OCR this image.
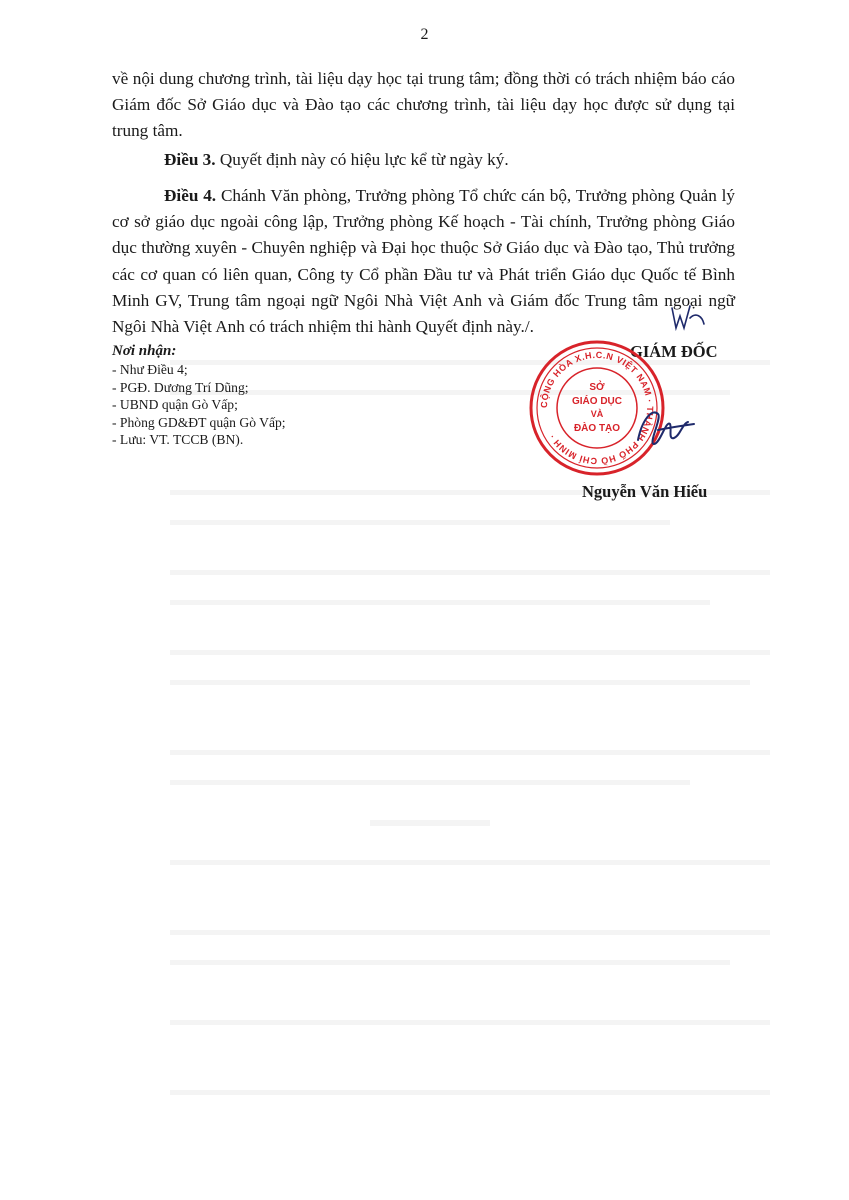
2

về nội dung chương trình, tài liệu dạy học tại trung tâm; đồng thời có trách nhiệm báo cáo Giám đốc Sở Giáo dục và Đào tạo các chương trình, tài liệu dạy học được sử dụng tại trung tâm.

Điều 3. Quyết định này có hiệu lực kể từ ngày ký.

Điều 4. Chánh Văn phòng, Trưởng phòng Tổ chức cán bộ, Trưởng phòng Quản lý cơ sở giáo dục ngoài công lập, Trưởng phòng Kế hoạch - Tài chính, Trưởng phòng Giáo dục thường xuyên - Chuyên nghiệp và Đại học thuộc Sở Giáo dục và Đào tạo, Thủ trưởng các cơ quan có liên quan, Công ty Cổ phần Đầu tư và Phát triển Giáo dục Quốc tế Bình Minh GV, Trung tâm ngoại ngữ Ngôi Nhà Việt Anh và Giám đốc Trung tâm ngoại ngữ Ngôi Nhà Việt Anh có trách nhiệm thi hành Quyết định này./.

Nơi nhận:
- Như Điều 4;
- PGĐ. Dương Trí Dũng;
- UBND quận Gò Vấp;
- Phòng GD&ĐT quận Gò Vấp;
- Lưu: VT. TCCB (BN).
GIÁM ĐỐC
CỘNG HÒA X.H.C.N VIỆT NAM · THÀNH PHỐ HỒ CHÍ MINH ·
SỞ
GIÁO DỤC
VÀ
ĐÀO TẠO
Nguyễn Văn Hiếu
